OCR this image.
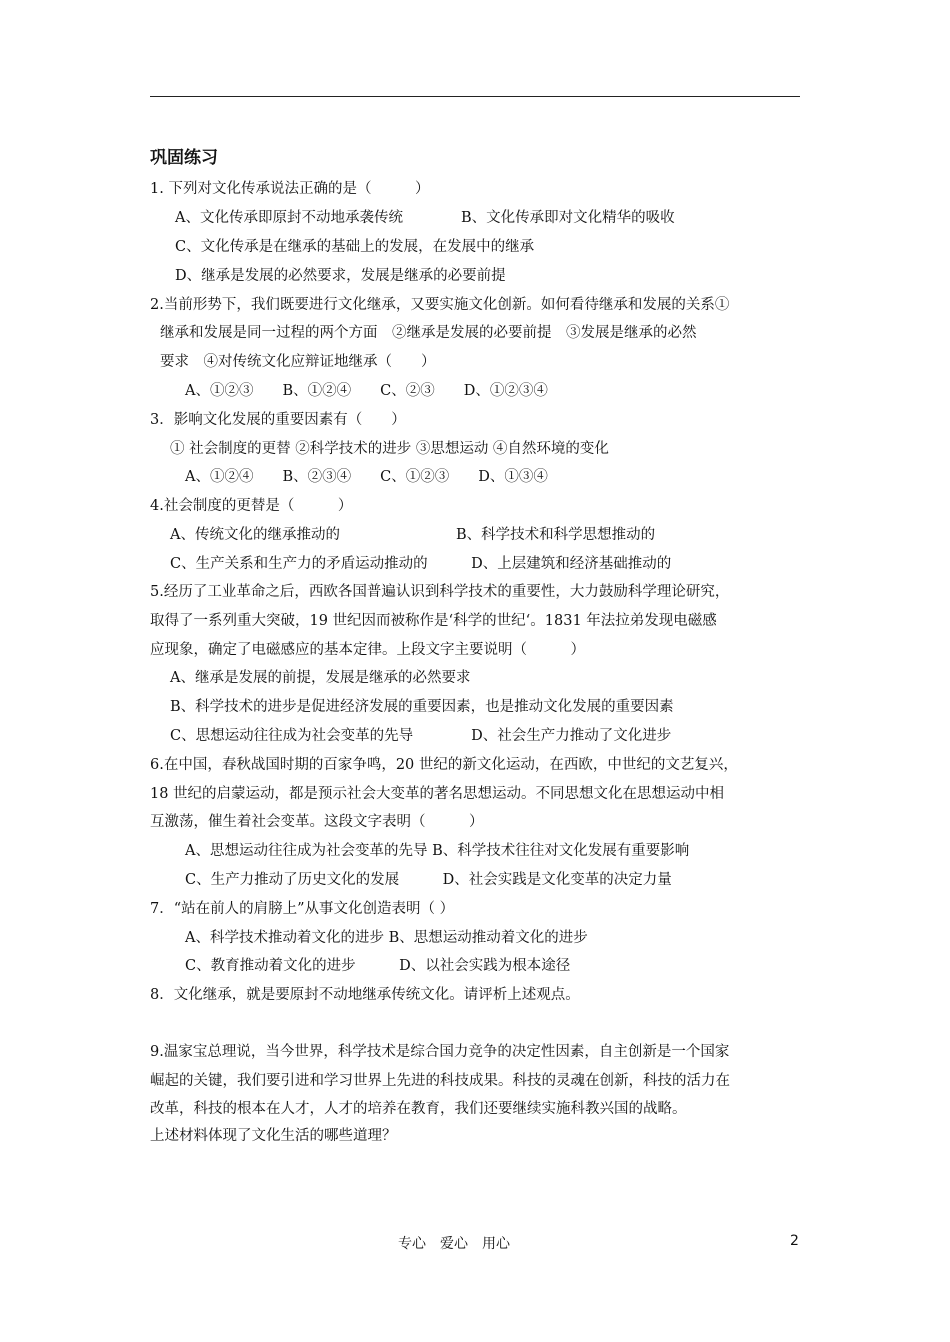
巩固练习
1. 下列对文化传承说法正确的是（　　　）
A、文化传承即原封不动地承袭传统　　　　B、文化传承即对文化精华的吸收
C、文化传承是在继承的基础上的发展，在发展中的继承
D、继承是发展的必然要求，发展是继承的必要前提
2.当前形势下，我们既要进行文化继承，又要实施文化创新。如何看待继承和发展的关系①
继承和发展是同一过程的两个方面　②继承是发展的必要前提　③发展是继承的必然
要求　④对传统文化应辩证地继承（　　）
A、①②③　　B、①②④　　C、②③　　D、①②③④
3．影响文化发展的重要因素有（　　）
① 社会制度的更替 ②科学技术的进步 ③思想运动 ④自然环境的变化
A、①②④　　B、②③④　　C、①②③　　D、①③④
4.社会制度的更替是（　　　）
A、传统文化的继承推动的　　　　　　　　B、科学技术和科学思想推动的
C、生产关系和生产力的矛盾运动推动的　　　D、上层建筑和经济基础推动的
5.经历了工业革命之后，西欧各国普遍认识到科学技术的重要性，大力鼓励科学理论研究，
取得了一系列重大突破，19 世纪因而被称作是‘科学的世纪‘。1831 年法拉弟发现电磁感
应现象，确定了电磁感应的基本定律。上段文字主要说明（　　　）
A、继承是发展的前提，发展是继承的必然要求
B、科学技术的进步是促进经济发展的重要因素，也是推动文化发展的重要因素
C、思想运动往往成为社会变革的先导　　　　D、社会生产力推动了文化进步
6.在中国，春秋战国时期的百家争鸣，20 世纪的新文化运动，在西欧，中世纪的文艺复兴，
18 世纪的启蒙运动，都是预示社会大变革的著名思想运动。不同思想文化在思想运动中相
互激荡，催生着社会变革。这段文字表明（　　　）
A、思想运动往往成为社会变革的先导 B、科学技术往往对文化发展有重要影响
C、生产力推动了历史文化的发展　　　D、社会实践是文化变革的决定力量
7．“站在前人的肩膀上”从事文化创造表明（ ）
A、科学技术推动着文化的进步 B、思想运动推动着文化的进步
C、教育推动着文化的进步　　　D、以社会实践为根本途径
8．文化继承，就是要原封不动地继承传统文化。请评析上述观点。
9.温家宝总理说，当今世界，科学技术是综合国力竞争的决定性因素，自主创新是一个国家
崛起的关键，我们要引进和学习世界上先进的科技成果。科技的灵魂在创新，科技的活力在
改革，科技的根本在人才，人才的培养在教育，我们还要继续实施科教兴国的战略。
上述材料体现了文化生活的哪些道理？
专心　爱心　用心	2
